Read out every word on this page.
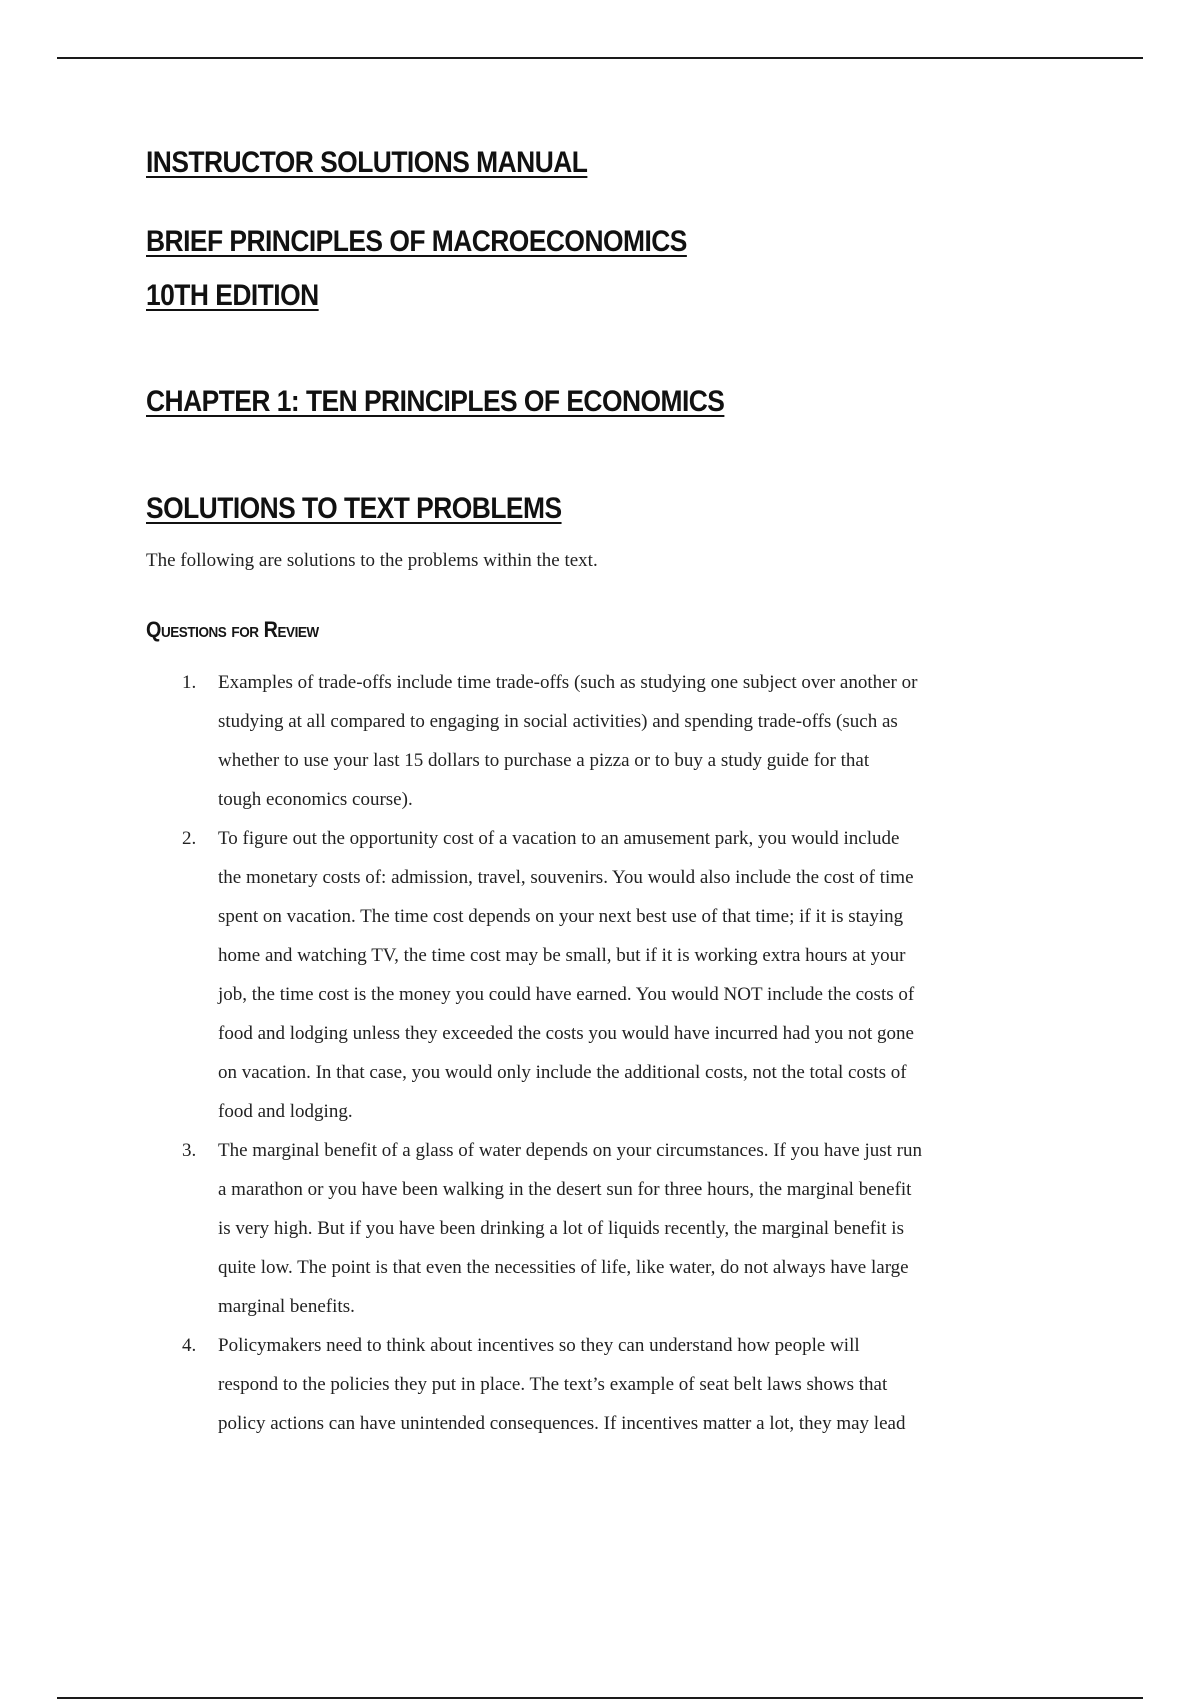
INSTRUCTOR SOLUTIONS MANUAL
BRIEF PRINCIPLES OF MACROECONOMICS
10TH EDITION
CHAPTER 1: TEN PRINCIPLES OF ECONOMICS
SOLUTIONS TO TEXT PROBLEMS
The following are solutions to the problems within the text.
Questions for Review
1. Examples of trade-offs include time trade-offs (such as studying one subject over another or
studying at all compared to engaging in social activities) and spending trade-offs (such as
whether to use your last 15 dollars to purchase a pizza or to buy a study guide for that
tough economics course).
2. To figure out the opportunity cost of a vacation to an amusement park, you would include
the monetary costs of: admission, travel, souvenirs. You would also include the cost of time
spent on vacation. The time cost depends on your next best use of that time; if it is staying
home and watching TV, the time cost may be small, but if it is working extra hours at your
job, the time cost is the money you could have earned. You would NOT include the costs of
food and lodging unless they exceeded the costs you would have incurred had you not gone
on vacation. In that case, you would only include the additional costs, not the total costs of
food and lodging.
3. The marginal benefit of a glass of water depends on your circumstances. If you have just run
a marathon or you have been walking in the desert sun for three hours, the marginal benefit
is very high. But if you have been drinking a lot of liquids recently, the marginal benefit is
quite low. The point is that even the necessities of life, like water, do not always have large
marginal benefits.
4. Policymakers need to think about incentives so they can understand how people will
respond to the policies they put in place. The text’s example of seat belt laws shows that
policy actions can have unintended consequences. If incentives matter a lot, they may lead
